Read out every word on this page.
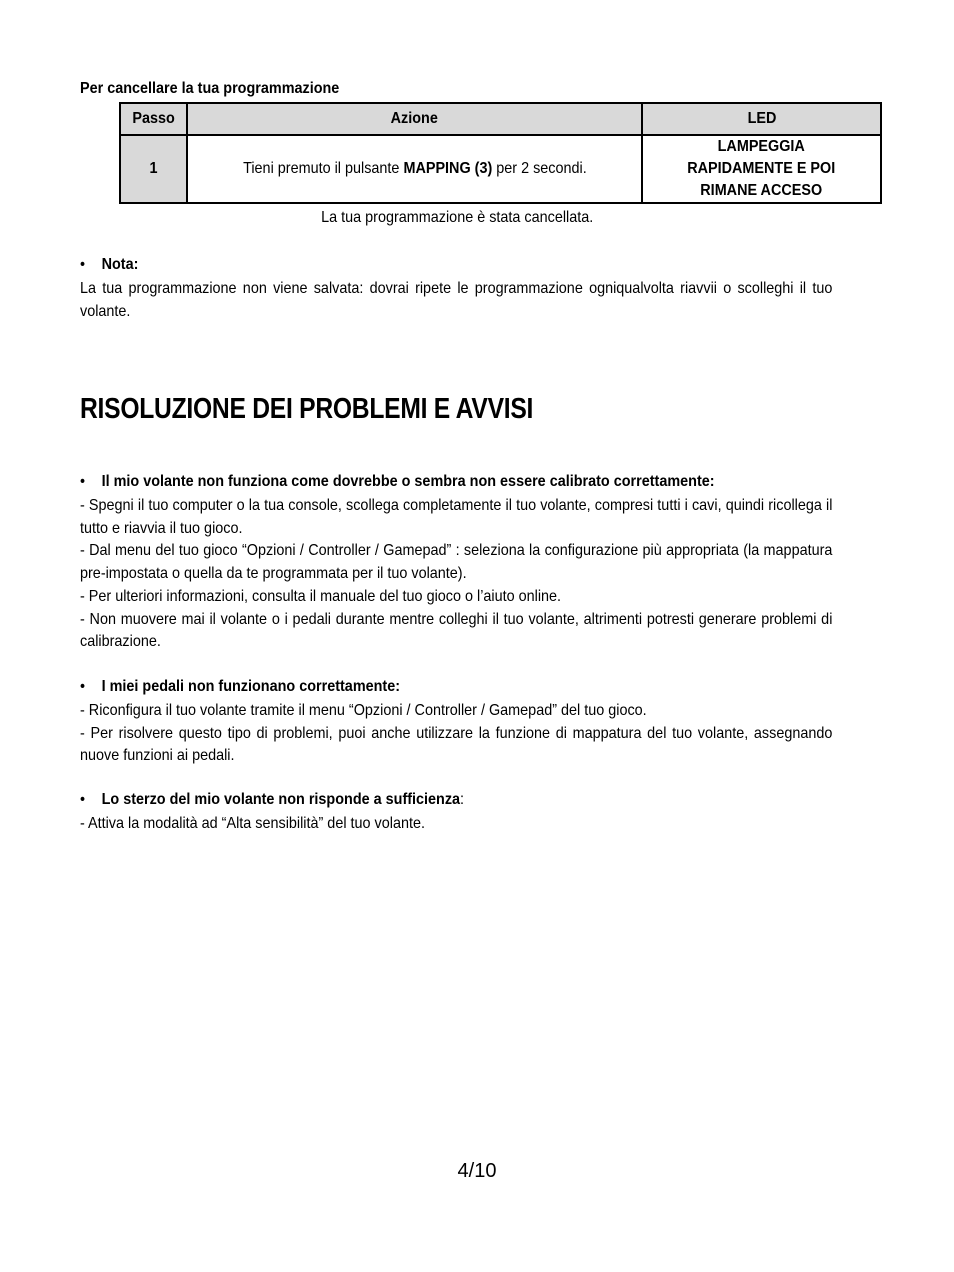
Per cancellare la tua programmazione
Passo	Azione	LED
1	Tieni premuto il pulsante MAPPING (3) per 2 secondi.	LAMPEGGIA
RAPIDAMENTE E POI
RIMANE ACCESO
La tua programmazione è stata cancellata.
• Nota:
La tua programmazione non viene salvata: dovrai ripete le programmazione ogniqualvolta riavvii o scolleghi il tuo volante.
RISOLUZIONE DEI PROBLEMI E AVVISI
• Il mio volante non funziona come dovrebbe o sembra non essere calibrato correttamente:
- Spegni il tuo computer o la tua console, scollega completamente il tuo volante, compresi tutti i cavi, quindi ricollega il tutto e riavvia il tuo gioco.
- Dal menu del tuo gioco “Opzioni / Controller / Gamepad” : seleziona la configurazione più appropriata (la mappatura pre-impostata o quella da te programmata per il tuo volante).
- Per ulteriori informazioni, consulta il manuale del tuo gioco o l’aiuto online.
- Non muovere mai il volante o i pedali durante mentre colleghi il tuo volante, altrimenti potresti generare problemi di calibrazione.
• I miei pedali non funzionano correttamente:
- Riconfigura il tuo volante tramite il menu “Opzioni / Controller / Gamepad” del tuo gioco.
- Per risolvere questo tipo di problemi, puoi anche utilizzare la funzione di mappatura del tuo volante, assegnando nuove funzioni ai pedali.
• Lo sterzo del mio volante non risponde a sufficienza:
- Attiva la modalità ad “Alta sensibilità” del tuo volante.
4/10
